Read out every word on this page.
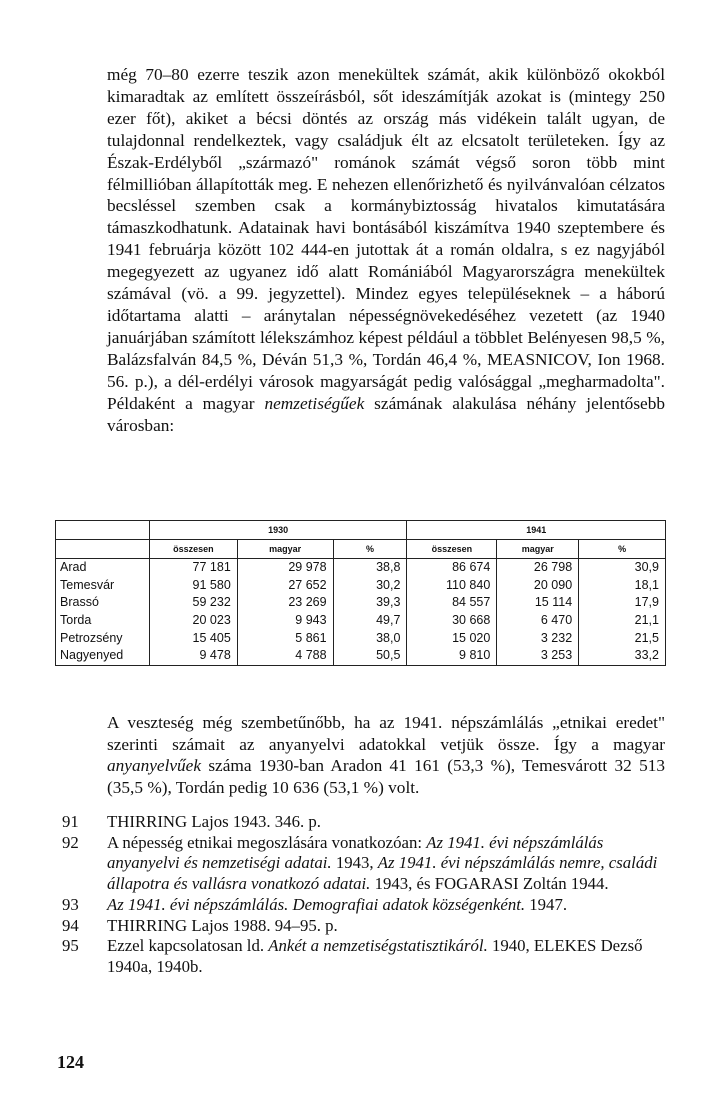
még 70–80 ezerre teszik azon menekültek számát, akik különböző okokból kimaradtak az említett összeírásból, sőt ideszámítják azokat is (mintegy 250 ezer főt), akiket a bécsi döntés az ország más vidékein talált ugyan, de tulajdonnal rendelkeztek, vagy családjuk élt az elcsatolt területeken. Így az Észak-Erdélyből „származó" románok számát végső soron több mint félmillióban állapították meg. E nehezen ellenőrizhető és nyilvánvalóan célzatos becsléssel szemben csak a kormánybiztosság hivatalos kimutatására támaszkodhatunk. Adatainak havi bontásából kiszámítva 1940 szeptembere és 1941 februárja között 102 444-en jutottak át a román oldalra, s ez nagyjából megegyezett az ugyanez idő alatt Romániából Magyarországra menekültek számával (vö. a 99. jegyzettel). Mindez egyes településeknek – a háború időtartama alatti – aránytalan népességnövekedéséhez vezetett (az 1940 januárjában számított lélekszámhoz képest például a többlet Belényesen 98,5 %, Balázsfalván 84,5 %, Déván 51,3 %, Tordán 46,4 %, MEASNICOV, Ion 1968. 56. p.), a dél-erdélyi városok magyarságát pedig valósággal „megharmadolta". Példaként a magyar nemzetiségűek számának alakulása néhány jelentősebb városban:

	1930			1941		
	összesen	magyar	%	összesen	magyar	%
Arad	77 181	29 978	38,8	86 674	26 798	30,9
Temesvár	91 580	27 652	30,2	110 840	20 090	18,1
Brassó	59 232	23 269	39,3	84 557	15 114	17,9
Torda	20 023	9 943	49,7	30 668	6 470	21,1
Petrozsény	15 405	5 861	38,0	15 020	3 232	21,5
Nagyenyed	9 478	4 788	50,5	9 810	3 253	33,2

A veszteség még szembetűnőbb, ha az 1941. népszámlálás „etnikai eredet" szerinti számait az anyanyelvi adatokkal vetjük össze. Így a magyar anyanyelvűek száma 1930-ban Aradon 41 161 (53,3 %), Temesvárott 32 513 (35,5 %), Tordán pedig 10 636 (53,1 %) volt.

91	THIRRING Lajos 1943. 346. p.
92	A népesség etnikai megoszlására vonatkozóan: Az 1941. évi népszámlálás anyanyelvi és nemzetiségi adatai. 1943, Az 1941. évi népszámlálás nemre, családi állapotra és vallásra vonatkozó adatai. 1943, és FOGARASI Zoltán 1944.
93	Az 1941. évi népszámlálás. Demografiai adatok községenként. 1947.
94	THIRRING Lajos 1988. 94–95. p.
95	Ezzel kapcsolatosan ld. Ankét a nemzetiségstatisztikáról. 1940, ELEKES Dezső 1940a, 1940b.
124
